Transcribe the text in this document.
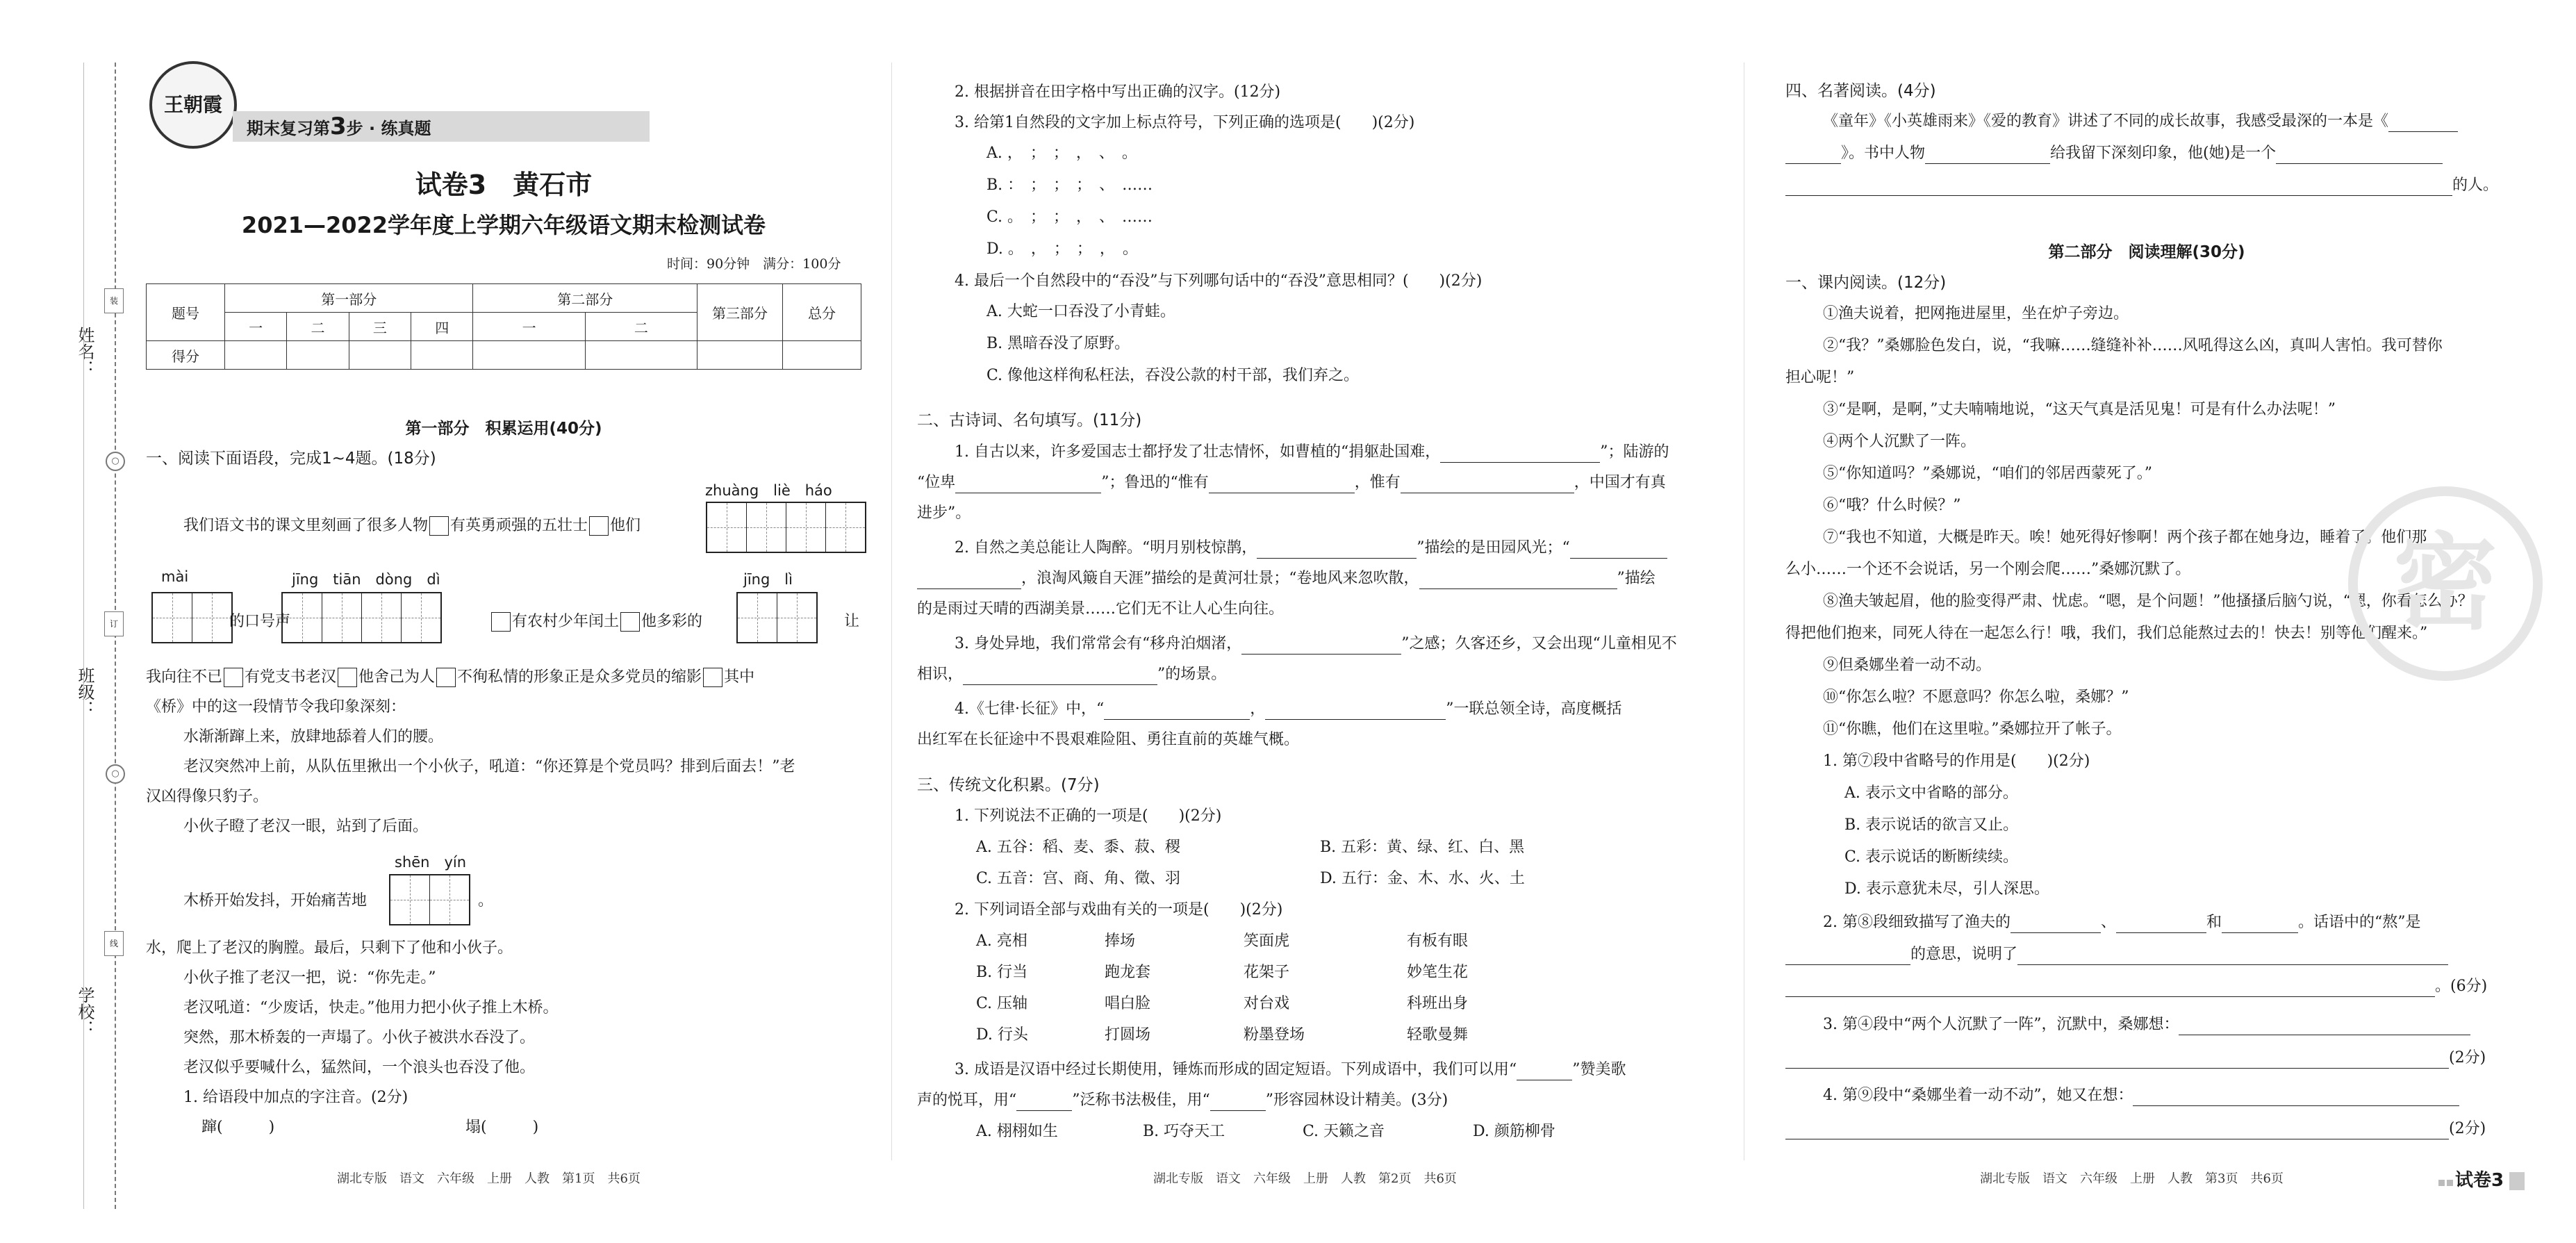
姓名：
班级：
学校：
○
○
装
订
线
王朝霞
期末复习第3步 · 练真题
试卷3　黄石市
2021—2022学年度上学期六年级语文期末检测试卷
时间：90分钟　满分：100分
题号	第一部分				第二部分		第三部分	总分
	一	二	三	四	一	二		
得分								
第一部分　积累运用(40分)
一、阅读下面语段，完成1~4题。(18分)
zhuàng　liè　háo
我们语文书的课文里刻画了很多人物 有英勇顽强的五壮士 他们
mài	jīng　tiān　dòng　dì	jīng　lì
的口号声	有农村少年闰土 他多彩的	让
我向往不已 有党支书老汉 他舍己为人 不徇私情的形象正是众多党员的缩影 其中
《桥》中的这一段情节令我印象深刻：
水渐渐蹿上来，放肆地舔着人们的腰。
老汉突然冲上前，从队伍里揪出一个小伙子，吼道：“你还算是个党员吗？排到后面去！”老
汉凶得像只豹子。
小伙子瞪了老汉一眼，站到了后面。
shēn　yín
木桥开始发抖，开始痛苦地	。
水，爬上了老汉的胸膛。最后，只剩下了他和小伙子。
小伙子推了老汉一把，说：“你先走。”
老汉吼道：“少废话，快走。”他用力把小伙子推上木桥。
突然，那木桥轰的一声塌了。小伙子被洪水吞没了。
老汉似乎要喊什么，猛然间，一个浪头也吞没了他。
1. 给语段中加点的字注音。(2分)
蹿(　　　)	塌(　　　)
湖北专版　语文　六年级　上册　人教　第1页　共6页
2. 根据拼音在田字格中写出正确的汉字。(12分)
3. 给第1自然段的文字加上标点符号，下列正确的选项是(　　)(2分)
A. ，　；　；　，　、　。
B. ：　；　；　；　、　……
C. 。　；　；　，　、　……
D. 。　，　；　；　，　。
4. 最后一个自然段中的“吞没”与下列哪句话中的“吞没”意思相同？(　　)(2分)
A. 大蛇一口吞没了小青蛙。
B. 黑暗吞没了原野。
C. 像他这样徇私枉法，吞没公款的村干部，我们弃之。
二、古诗词、名句填写。(11分)
1. 自古以来，许多爱国志士都抒发了壮志情怀，如曹植的“捐躯赴国难，	”；陆游的
“位卑	”；鲁迅的“惟有	，惟有	，中国才有真
进步”。
2. 自然之美总能让人陶醉。“明月别枝惊鹊，	”描绘的是田园风光；“
，浪淘风簸自天涯”描绘的是黄河壮景；“卷地风来忽吹散，	”描绘
的是雨过天晴的西湖美景……它们无不让人心生向往。
3. 身处异地，我们常常会有“移舟泊烟渚，	”之感；久客还乡，又会出现“儿童相见不
相识，	”的场景。
4.《七律·长征》中，“	，	”一联总领全诗，高度概括
出红军在长征途中不畏艰难险阻、勇往直前的英雄气概。
三、传统文化积累。(7分)
1. 下列说法不正确的一项是(　　)(2分)
A. 五谷：稻、麦、黍、菽、稷	B. 五彩：黄、绿、红、白、黑
C. 五音：宫、商、角、徵、羽	D. 五行：金、木、水、火、土
2. 下列词语全部与戏曲有关的一项是(　　)(2分)
3. 成语是汉语中经过长期使用，锤炼而形成的固定短语。下列成语中，我们可以用“	”赞美歌
声的悦耳，用“	”泛称书法极佳，用“	”形容园林设计精美。(3分)
A. 栩栩如生	B. 巧夺天工	C. 天籁之音	D. 颜筋柳骨
湖北专版　语文　六年级　上册　人教　第2页　共6页
A. 亮相	捧场	笑面虎	有板有眼
B. 行当	跑龙套	花架子	妙笔生花
C. 压轴	唱白脸	对台戏	科班出身
D. 行头	打圆场	粉墨登场	轻歌曼舞
四、名著阅读。(4分)
《童年》《小英雄雨来》《爱的教育》讲述了不同的成长故事，我感受最深的一本是《
》。书中人物	给我留下深刻印象，他(她)是一个
的人。
第二部分　阅读理解(30分)
一、课内阅读。(12分)
①渔夫说着，把网拖进屋里，坐在炉子旁边。
②“我？”桑娜脸色发白，说，“我嘛……缝缝补补……风吼得这么凶，真叫人害怕。我可替你
担心呢！”
③“是啊，是啊，”丈夫喃喃地说，“这天气真是活见鬼！可是有什么办法呢！”
④两个人沉默了一阵。
⑤“你知道吗？”桑娜说，“咱们的邻居西蒙死了。”
⑥“哦？什么时候？”
⑦“我也不知道，大概是昨天。唉！她死得好惨啊！两个孩子都在她身边，睡着了。他们那
么小……一个还不会说话，另一个刚会爬……”桑娜沉默了。
⑧渔夫皱起眉，他的脸变得严肃、忧虑。“嗯，是个问题！”他搔搔后脑勺说，“嗯，你看怎么办？
得把他们抱来，同死人待在一起怎么行！哦，我们，我们总能熬过去的！快去！别等他们醒来。”
⑨但桑娜坐着一动不动。
⑩“你怎么啦？不愿意吗？你怎么啦，桑娜？”
⑪“你瞧，他们在这里啦。”桑娜拉开了帐子。
1. 第⑦段中省略号的作用是(　　)(2分)
A. 表示文中省略的部分。
B. 表示说话的欲言又止。
C. 表示说话的断断续续。
D. 表示意犹未尽，引人深思。
2. 第⑧段细致描写了渔夫的	、	和	。话语中的“熬”是
的意思，说明了
。(6分)
3. 第④段中“两个人沉默了一阵”，沉默中，桑娜想：
(2分)
4. 第⑨段中“桑娜坐着一动不动”，她又在想：
(2分)
湖北专版　语文　六年级　上册　人教　第3页　共6页
密
试卷3
